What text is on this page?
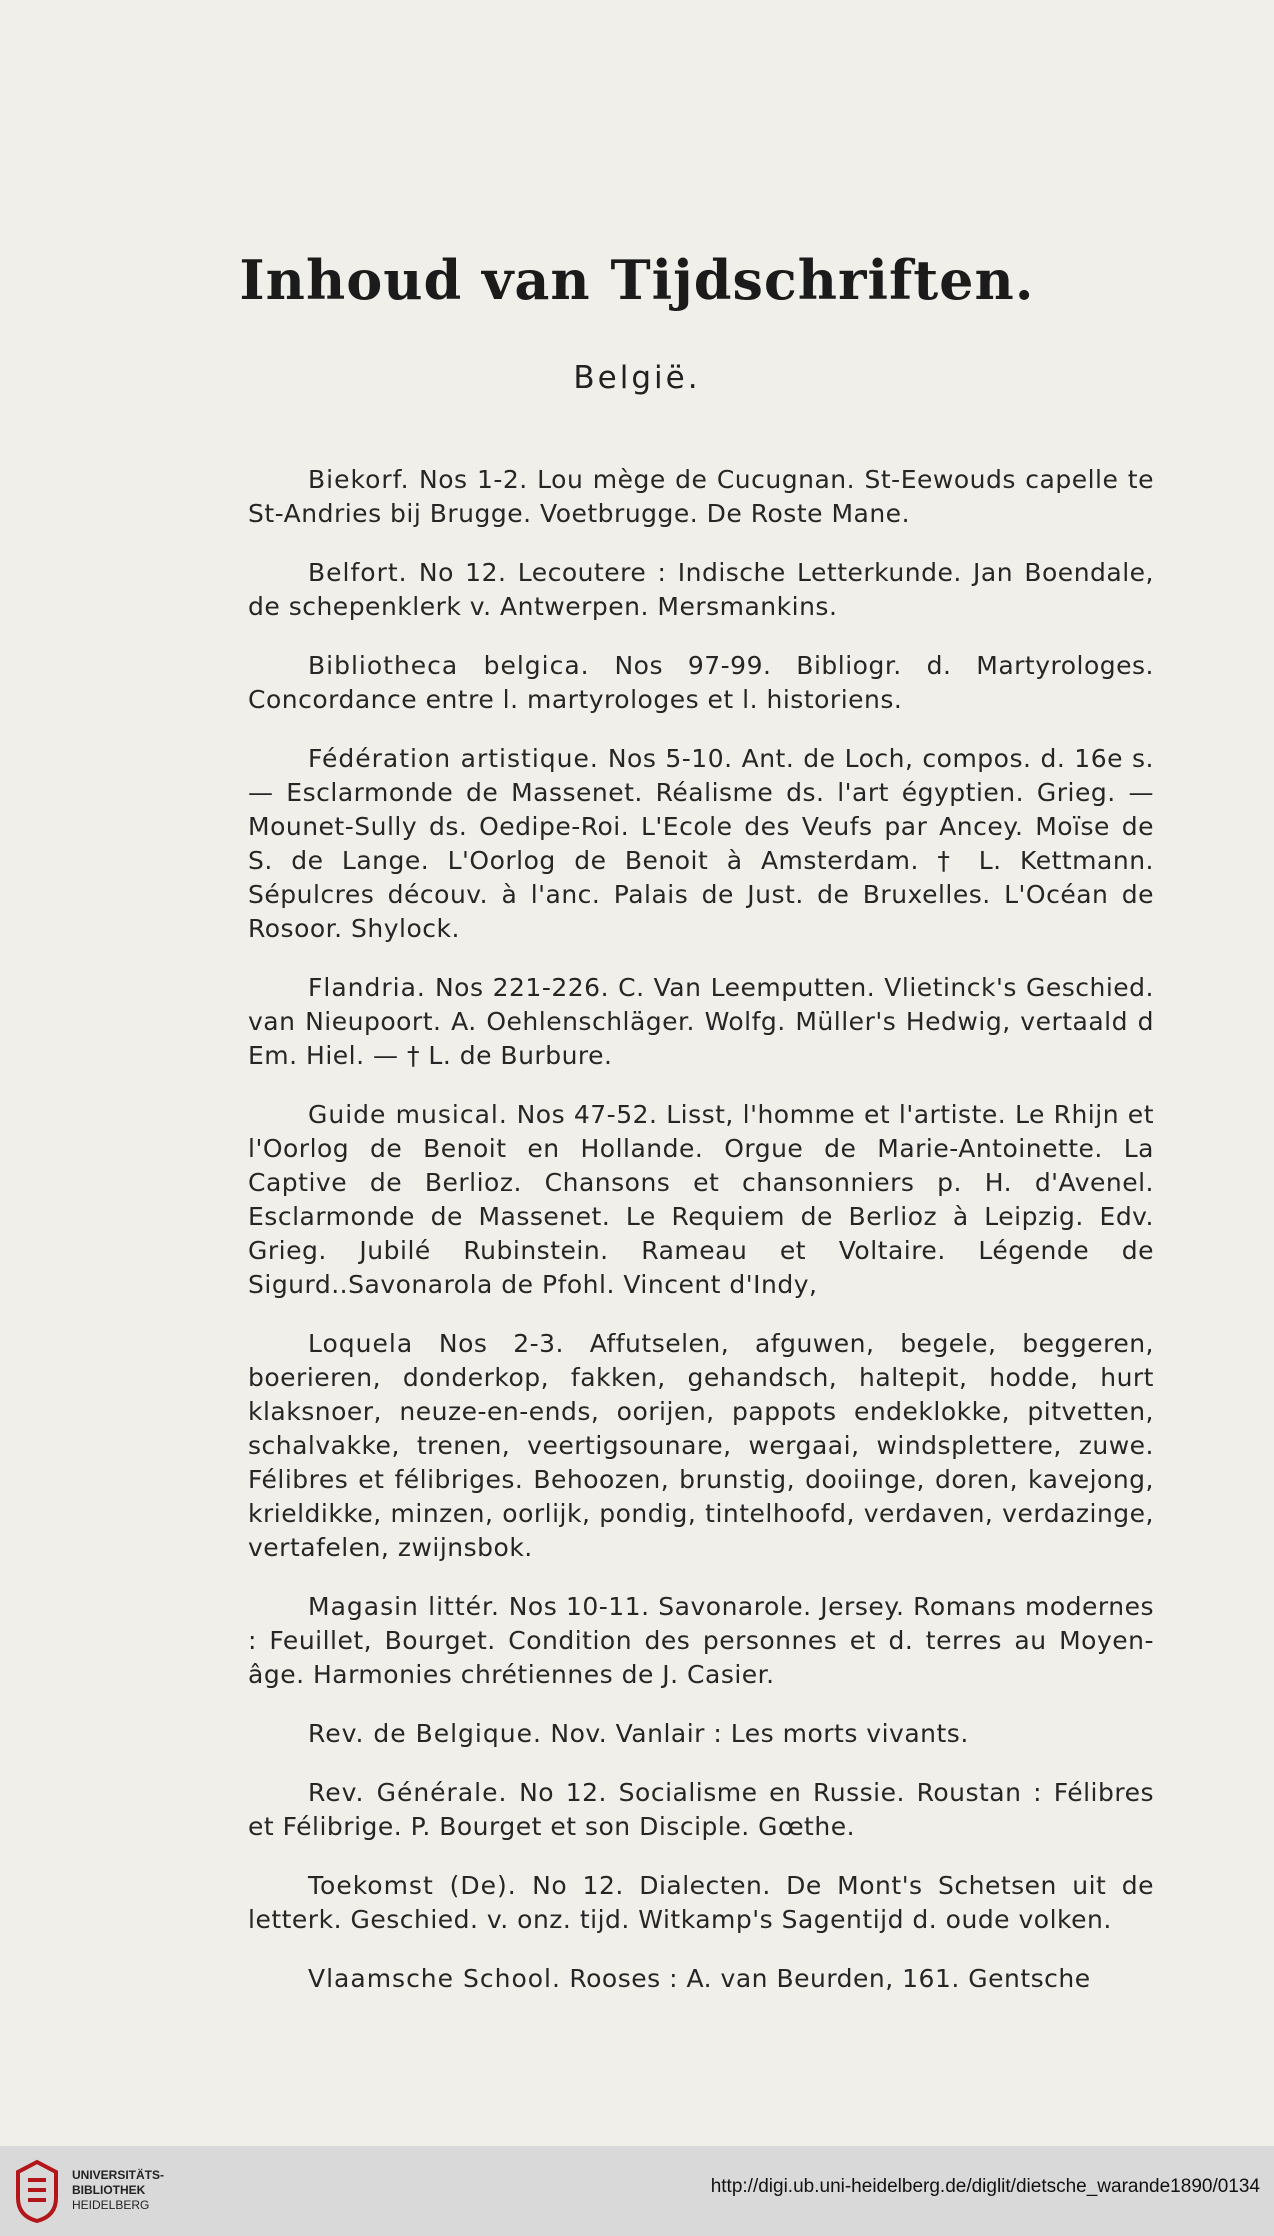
Inhoud van Tijdschriften.
België.

Biekorf. Nos 1-2. Lou mège de Cucugnan. St-Eewouds capelle te St-Andries bij Brugge. Voetbrugge. De Roste Mane.

Belfort. No 12. Lecoutere : Indische Letterkunde. Jan Boendale, de schepenklerk v. Antwerpen. Mersmankins.

Bibliotheca belgica. Nos 97-99. Bibliogr. d. Martyrologes. Concordance entre l. martyrologes et l. historiens.

Fédération artistique. Nos 5-10. Ant. de Loch, compos. d. 16e s. — Esclarmonde de Massenet. Réalisme ds. l'art égyptien. Grieg. — Mounet-Sully ds. Oedipe-Roi. L'Ecole des Veufs par Ancey. Moïse de S. de Lange. L'Oorlog de Benoit à Amsterdam. † L. Kettmann. Sépulcres découv. à l'anc. Palais de Just. de Bruxelles. L'Océan de Rosoor. Shylock.

Flandria. Nos 221-226. C. Van Leemputten. Vlietinck's Geschied. van Nieupoort. A. Oehlenschläger. Wolfg. Müller's Hedwig, vertaald d Em. Hiel. — † L. de Burbure.

Guide musical. Nos 47-52. Lisst, l'homme et l'artiste. Le Rhijn et l'Oorlog de Benoit en Hollande. Orgue de Marie-Antoinette. La Captive de Berlioz. Chansons et chansonniers p. H. d'Avenel. Esclarmonde de Massenet. Le Requiem de Berlioz à Leipzig. Edv. Grieg. Jubilé Rubinstein. Rameau et Voltaire. Légende de Sigurd..Savonarola de Pfohl. Vincent d'Indy,

Loquela Nos 2-3. Affutselen, afguwen, begele, beggeren, boerieren, donderkop, fakken, gehandsch, haltepit, hodde, hurt klaksnoer, neuze-en-ends, oorijen, pappots endeklokke, pitvetten, schalvakke, trenen, veertigsounare, wergaai, windsplettere, zuwe. Félibres et félibriges. Behoozen, brunstig, dooiinge, doren, kavejong, krieldikke, minzen, oorlijk, pondig, tintelhoofd, verdaven, verdazinge, vertafelen, zwijnsbok.

Magasin littér. Nos 10-11. Savonarole. Jersey. Romans modernes : Feuillet, Bourget. Condition des personnes et d. terres au Moyen-âge. Harmonies chrétiennes de J. Casier.

Rev. de Belgique. Nov. Vanlair : Les morts vivants.

Rev. Générale. No 12. Socialisme en Russie. Roustan : Félibres et Félibrige. P. Bourget et son Disciple. Gœthe.

Toekomst (De). No 12. Dialecten. De Mont's Schetsen uit de letterk. Geschied. v. onz. tijd. Witkamp's Sagentijd d. oude volken.

Vlaamsche School. Rooses : A. van Beurden, 161. Gentsche

UNIVERSITÄTS-
BIBLIOTHEK
HEIDELBERG
http://digi.ub.uni-heidelberg.de/diglit/dietsche_warande1890/0134
